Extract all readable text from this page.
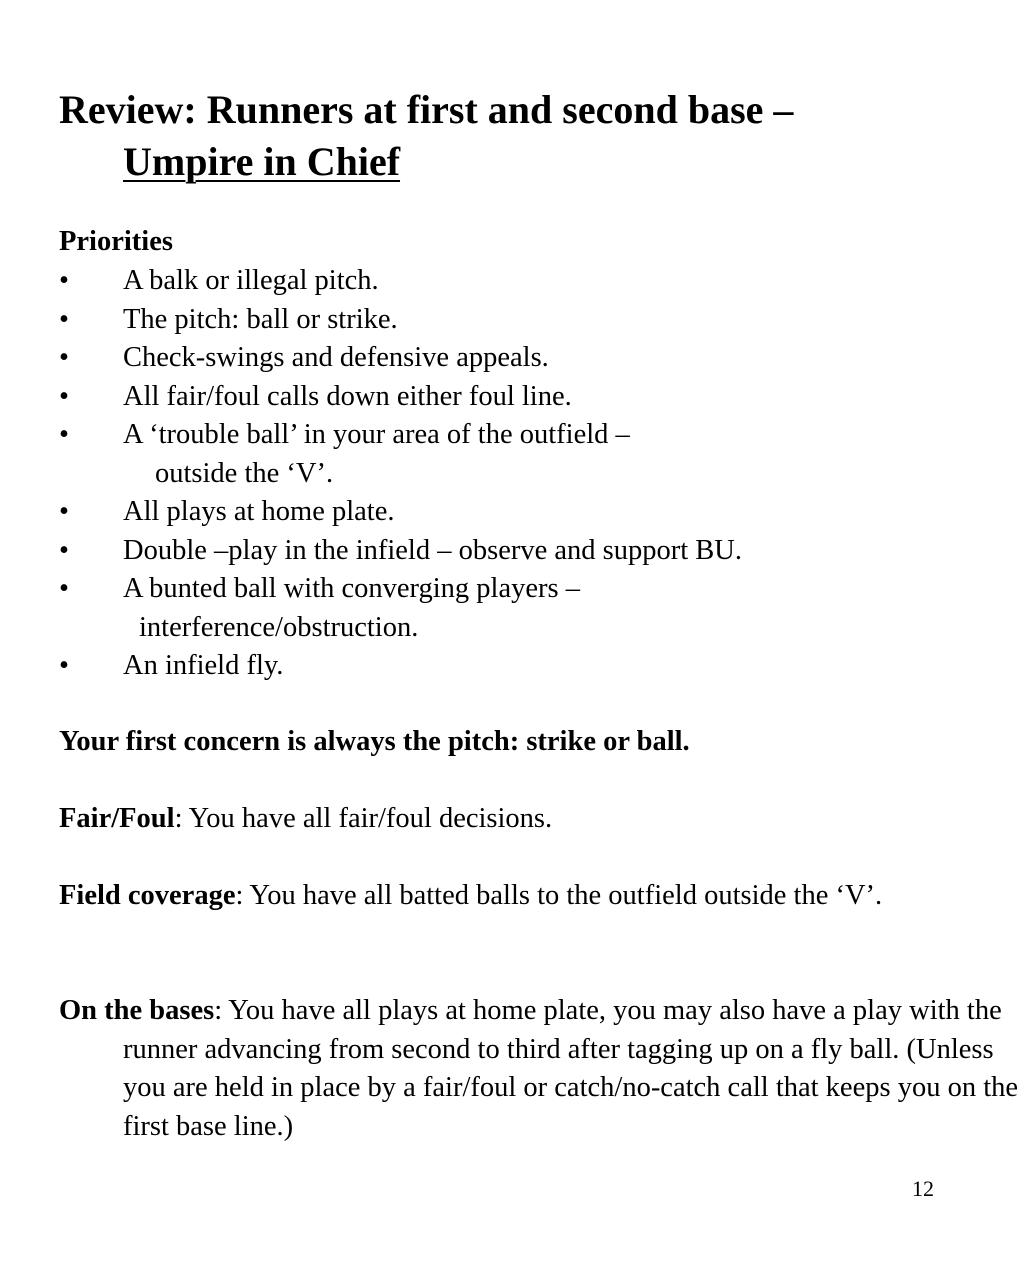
Review: Runners at first and second base –
Umpire in Chief
Priorities
• A balk or illegal pitch.
• The pitch: ball or strike.
• Check-swings and defensive appeals.
• All fair/foul calls down either foul line.
• A ‘trouble ball’ in your area of the outfield –
outside the ‘V’.
• All plays at home plate.
• Double –play in the infield – observe and support BU.
• A bunted ball with converging players –
interference/obstruction.
• An infield fly.

Your first concern is always the pitch: strike or ball.

Fair/Foul: You have all fair/foul decisions.

Field coverage: You have all batted balls to the outfield outside the ‘V’.

On the bases: You have all plays at home plate, you may also have a play with the runner advancing from second to third after tagging up on a fly ball. (Unless you are held in place by a fair/foul or catch/no-catch call that keeps you on the first base line.)

12
